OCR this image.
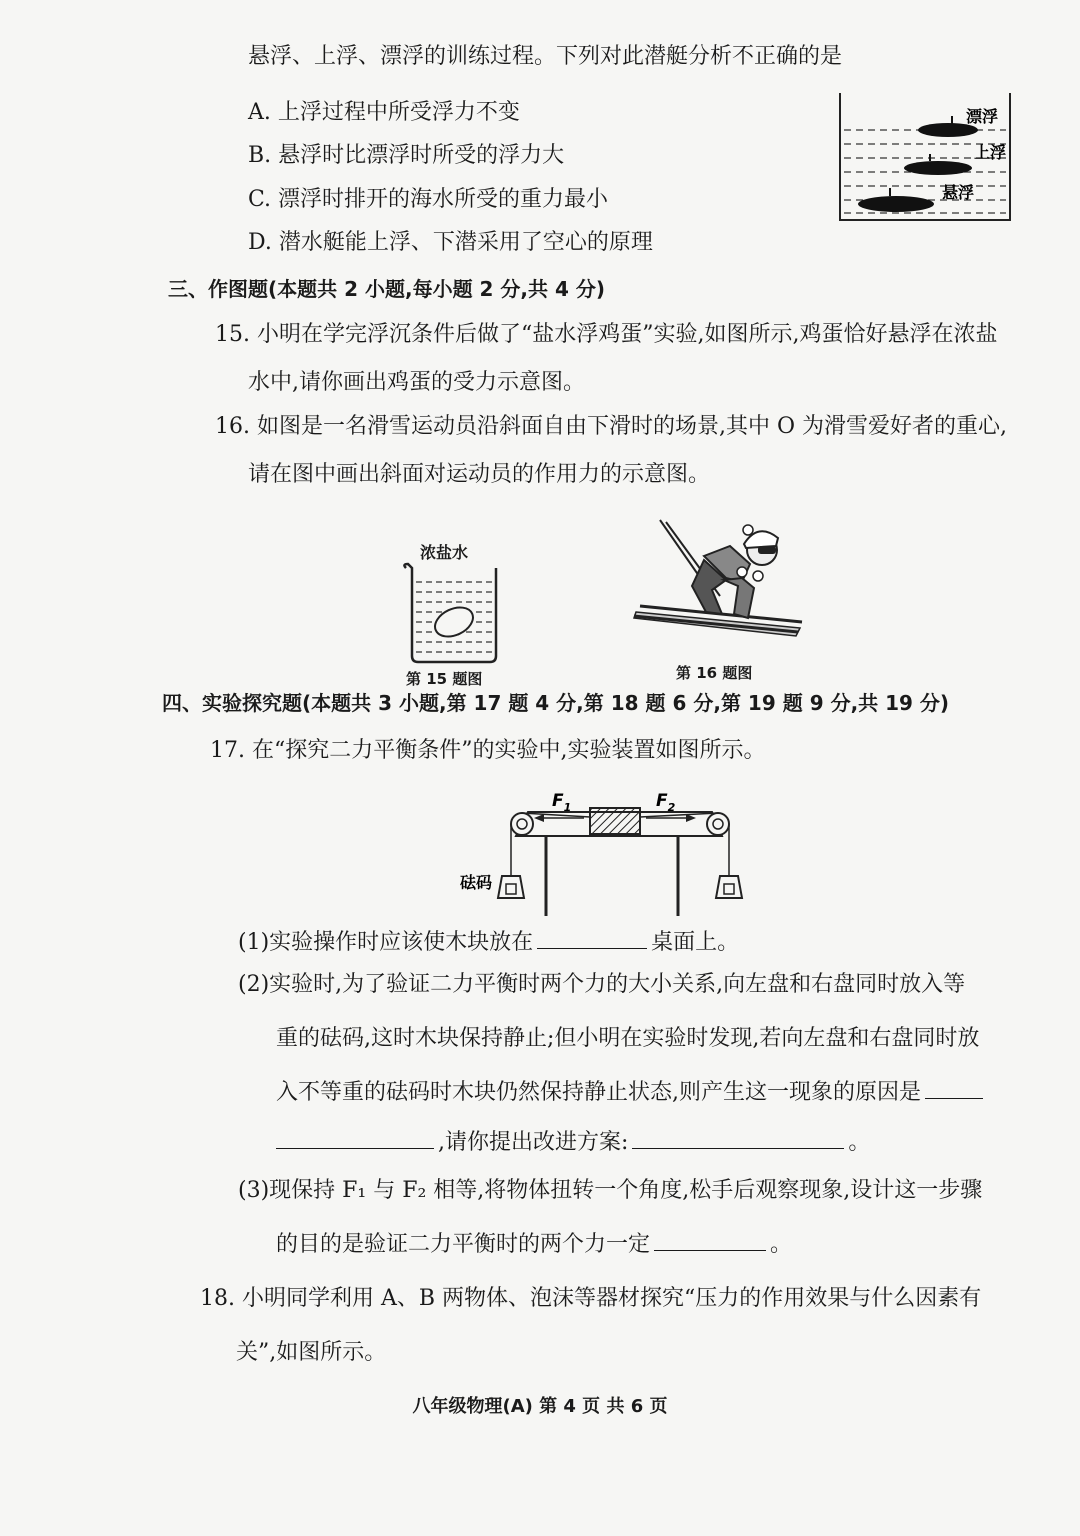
悬浮、上浮、漂浮的训练过程。下列对此潜艇分析不正确的是
A. 上浮过程中所受浮力不变
B. 悬浮时比漂浮时所受的浮力大
C. 漂浮时排开的海水所受的重力最小
D. 潜水艇能上浮、下潜采用了空心的原理
漂浮
上浮
悬浮
三、作图题(本题共 2 小题,每小题 2 分,共 4 分)
15. 小明在学完浮沉条件后做了“盐水浮鸡蛋”实验,如图所示,鸡蛋恰好悬浮在浓盐
水中,请你画出鸡蛋的受力示意图。
16. 如图是一名滑雪运动员沿斜面自由下滑时的场景,其中 O 为滑雪爱好者的重心,
请在图中画出斜面对运动员的作用力的示意图。
浓盐水
第 15 题图	第 16 题图
四、实验探究题(本题共 3 小题,第 17 题 4 分,第 18 题 6 分,第 19 题 9 分,共 19 分)
17. 在“探究二力平衡条件”的实验中,实验装置如图所示。
$F_1$	$F_2$
砝码
(1)实验操作时应该使木块放在	桌面上。
(2)实验时,为了验证二力平衡时两个力的大小关系,向左盘和右盘同时放入等
重的砝码,这时木块保持静止;但小明在实验时发现,若向左盘和右盘同时放
入不等重的砝码时木块仍然保持静止状态,则产生这一现象的原因是
,请你提出改进方案:	。
(3)现保持 F₁ 与 F₂ 相等,将物体扭转一个角度,松手后观察现象,设计这一步骤
的目的是验证二力平衡时的两个力一定	。
18. 小明同学利用 A、B 两物体、泡沫等器材探究“压力的作用效果与什么因素有
关”,如图所示。
八年级物理(A) 第 4 页 共 6 页
